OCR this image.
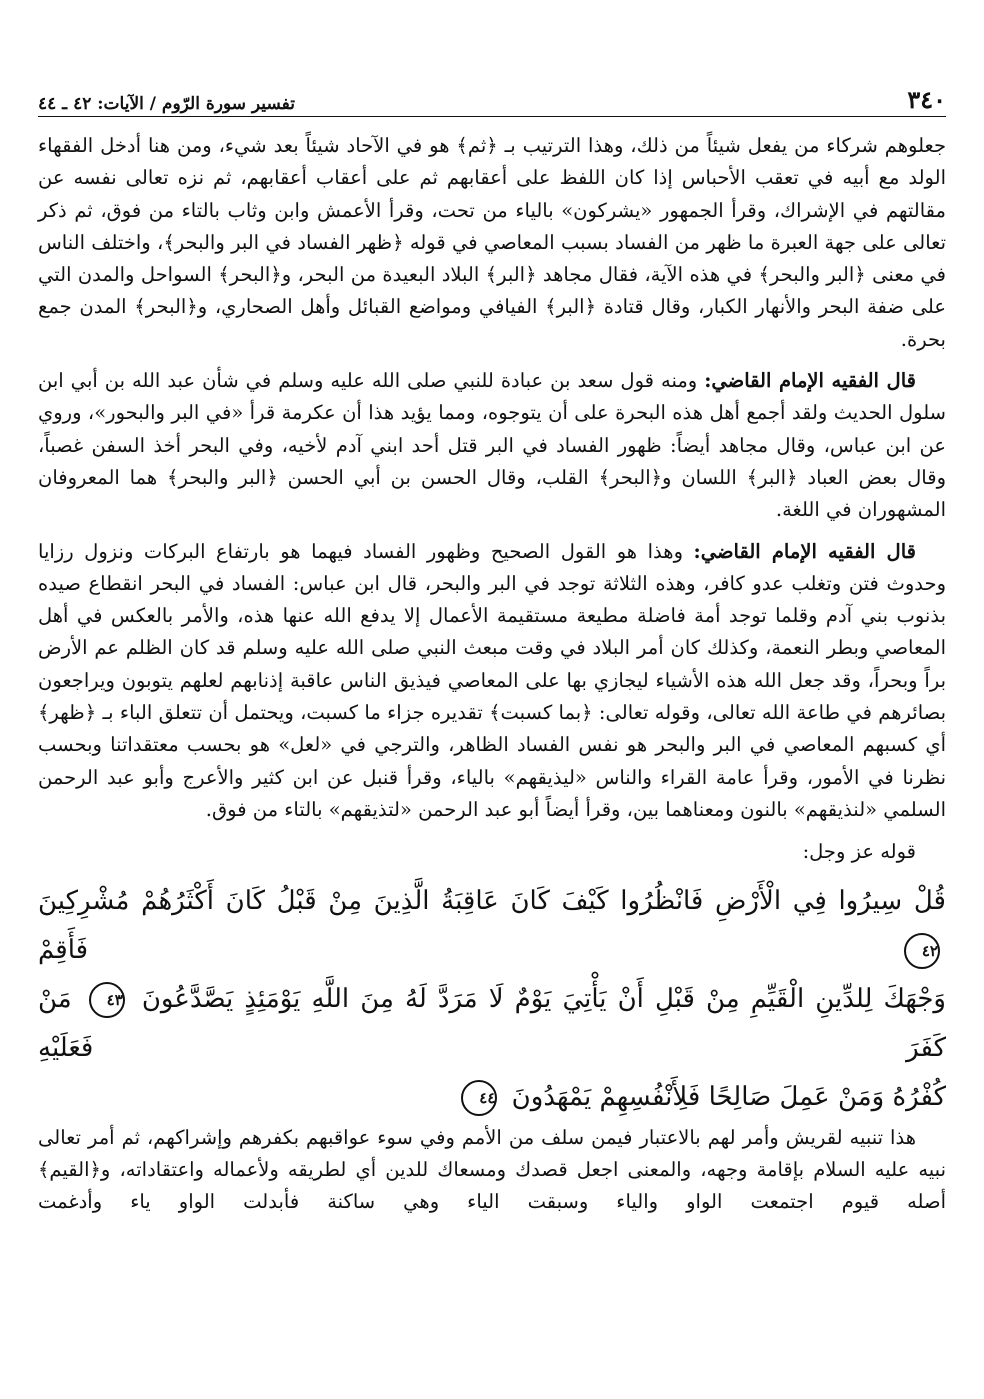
٣٤٠
تفسير سورة الرّوم / الآيات: ٤٢ ـ ٤٤

جعلوهم شركاء من يفعل شيئاً من ذلك، وهذا الترتيب بـ ﴿ثم﴾ هو في الآحاد شيئاً بعد شيء، ومن هنا أدخل الفقهاء الولد مع أبيه في تعقب الأحباس إذا كان اللفظ على أعقابهم ثم على أعقاب أعقابهم، ثم نزه تعالى نفسه عن مقالتهم في الإشراك، وقرأ الجمهور «يشركون» بالياء من تحت، وقرأ الأعمش وابن وثاب بالتاء من فوق، ثم ذكر تعالى على جهة العبرة ما ظهر من الفساد بسبب المعاصي في قوله ﴿ظهر الفساد في البر والبحر﴾، واختلف الناس في معنى ﴿البر والبحر﴾ في هذه الآية، فقال مجاهد ﴿البر﴾ البلاد البعيدة من البحر، و﴿البحر﴾ السواحل والمدن التي على ضفة البحر والأنهار الكبار، وقال قتادة ﴿البر﴾ الفيافي ومواضع القبائل وأهل الصحاري، و﴿البحر﴾ المدن جمع بحرة.

قال الفقيه الإمام القاضي: ومنه قول سعد بن عبادة للنبي صلى الله عليه وسلم في شأن عبد الله بن أبي ابن سلول الحديث ولقد أجمع أهل هذه البحرة على أن يتوجوه، ومما يؤيد هذا أن عكرمة قرأ «في البر والبحور»، وروي عن ابن عباس، وقال مجاهد أيضاً: ظهور الفساد في البر قتل أحد ابني آدم لأخيه، وفي البحر أخذ السفن غصباً، وقال بعض العباد ﴿البر﴾ اللسان و﴿البحر﴾ القلب، وقال الحسن بن أبي الحسن ﴿البر والبحر﴾ هما المعروفان المشهوران في اللغة.

قال الفقيه الإمام القاضي: وهذا هو القول الصحيح وظهور الفساد فيهما هو بارتفاع البركات ونزول رزايا وحدوث فتن وتغلب عدو كافر، وهذه الثلاثة توجد في البر والبحر، قال ابن عباس: الفساد في البحر انقطاع صيده بذنوب بني آدم وقلما توجد أمة فاضلة مطيعة مستقيمة الأعمال إلا يدفع الله عنها هذه، والأمر بالعكس في أهل المعاصي وبطر النعمة، وكذلك كان أمر البلاد في وقت مبعث النبي صلى الله عليه وسلم قد كان الظلم عم الأرض براً وبحراً، وقد جعل الله هذه الأشياء ليجازي بها على المعاصي فيذيق الناس عاقبة إذنابهم لعلهم يتوبون ويراجعون بصائرهم في طاعة الله تعالى، وقوله تعالى: ﴿بما كسبت﴾ تقديره جزاء ما كسبت، ويحتمل أن تتعلق الباء بـ ﴿ظهر﴾ أي كسبهم المعاصي في البر والبحر هو نفس الفساد الظاهر، والترجي في «لعل» هو بحسب معتقداتنا وبحسب نظرنا في الأمور، وقرأ عامة القراء والناس «ليذيقهم» بالياء، وقرأ قنبل عن ابن كثير والأعرج وأبو عبد الرحمن السلمي «لنذيقهم» بالنون ومعناهما بين، وقرأ أيضاً أبو عبد الرحمن «لتذيقهم» بالتاء من فوق.

قوله عز وجل:

قُلْ سِيرُوا فِي الْأَرْضِ فَانْظُرُوا كَيْفَ كَانَ عَاقِبَةُ الَّذِينَ مِنْ قَبْلُ كَانَ أَكْثَرُهُمْ مُشْرِكِينَ ٤٢ فَأَقِمْ

وَجْهَكَ لِلدِّينِ الْقَيِّمِ مِنْ قَبْلِ أَنْ يَأْتِيَ يَوْمٌ لَا مَرَدَّ لَهُ مِنَ اللَّهِ يَوْمَئِذٍ يَصَّدَّعُونَ ٤٣ مَنْ كَفَرَ فَعَلَيْهِ

كُفْرُهُ وَمَنْ عَمِلَ صَالِحًا فَلِأَنْفُسِهِمْ يَمْهَدُونَ ٤٤

هذا تنبيه لقريش وأمر لهم بالاعتبار فيمن سلف من الأمم وفي سوء عواقبهم بكفرهم وإشراكهم، ثم أمر تعالى نبيه عليه السلام بإقامة وجهه، والمعنى اجعل قصدك ومسعاك للدين أي لطريقه ولأعماله واعتقاداته، و﴿القيم﴾ أصله قيوم اجتمعت الواو والياء وسبقت الياء وهي ساكنة فأبدلت الواو ياء وأدغمت
